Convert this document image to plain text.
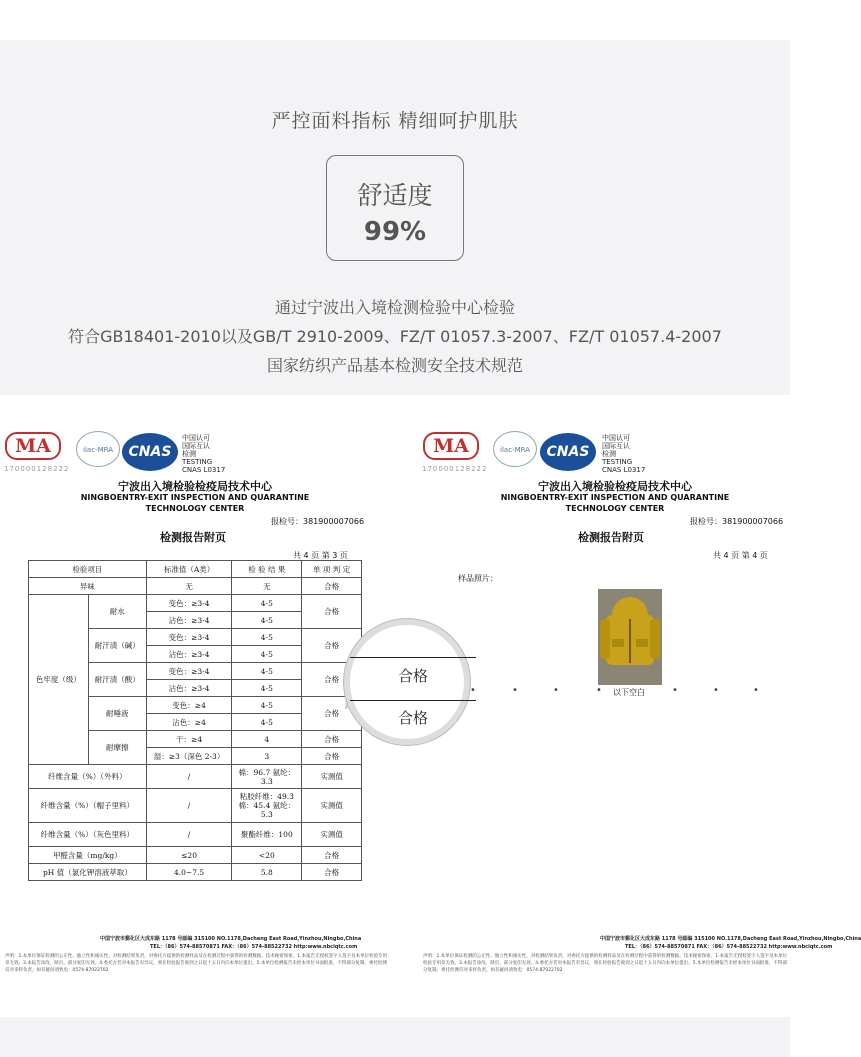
严控面料指标 精细呵护肌肤
舒适度
99%
通过宁波出入境检测检验中心检验
符合GB18401-2010以及GB/T 2910-2009、FZ/T 01057.3-2007、FZ/T 01057.4-2007
国家纺织产品基本检测安全技术规范
MA
170000128222
ilac-MRA	CNAS
中国认可
国际互认
检测
TESTING
CNAS L0317
宁波出入境检验检疫局技术中心
NINGBOENTRY-EXIT INSPECTION AND QUARANTINE
TECHNOLOGY CENTER
报检号：381900007066
检测报告附页
共 4 页 第 3 页
检验项目		标准值（A类）	检 验 结 果	单 项 判 定
异味		无	无	合格
色牢度（级）	耐水	变色：≥3-4	4-5	合格
		沾色：≥3-4	4-5	
	耐汗渍（碱）	变色：≥3-4	4-5	合格
		沾色：≥3-4	4-5	
	耐汗渍（酸）	变色：≥3-4	4-5	合格
		沾色：≥3-4	4-5	
	耐唾液	变色：≥4	4-5	合格
		沾色：≥4	4-5	
	耐摩擦	干：≥4	4	合格
		湿：≥3（深色 2-3）	3	合格
纤维含量（%）（外料）		/	棉：96.7 氨纶：3.3	实测值
纤维含量（%）（帽子里料）		/	粘胶纤维：49.3 棉：45.4 氨纶：5.3	实测值
纤维含量（%）（灰色里料）		/	聚酯纤维：100	实测值
甲醛含量（mg/kg）		≤20	<20	合格
pH 值（氯化钾溶液萃取）		4.0~7.5	5.8	合格
中国宁波市鄞化区大成东路 1178 号邮编 315100 NO.1178,Dacheng East Road,Yinzhou,Ningbo,China
TEL：（86）574-88570871 FAX：（86）574-88522732 http:www.nbciqtc.com
声明：1.本单位保证检测的公正性、独立性和诚实性，对检测结果负责，对委托方提供的检测样品及在检测过程中获得的检测数据、技术秘密保密。1.本报告无授权签字人签字及本单位检验专用章无效。3.本报告涂改、缺页、部分复印无效。4.委托方若对本报告有异议，须在检验报告收到之日起十五日内向本单位提出。5.本单位检测报告未经本单位书面批准，不得部分复制。委托检测仅对来样负责。如有疑问请致电：0574-87022702
MA
170000128222
ilac-MRA	CNAS
中国认可
国际互认
检测
TESTING
CNAS L0317
宁波出入境检验检疫局技术中心
NINGBOENTRY-EXIT INSPECTION AND QUARANTINE
TECHNOLOGY CENTER
报检号：381900007066
检测报告附页
共 4 页 第 4 页
样品照片：
•	•	•	• 以下空白	•	•	•
中国宁波市鄞化区大成东路 1178 号邮编 315100 NO.1178,Dacheng East Road,Yinzhou,Ningbo,China
TEL：（86）574-88570871 FAX：（86）574-88522732 http:www.nbciqtc.com
声明：1.本单位保证检测的公正性、独立性和诚实性，对检测结果负责，对委托方提供的检测样品及在检测过程中获得的检测数据、技术秘密保密。1.本报告无授权签字人签字及本单位检验专用章无效。3.本报告涂改、缺页、部分复印无效。4.委托方若对本报告有异议，须在检验报告收到之日起十五日内向本单位提出。5.本单位检测报告未经本单位书面批准，不得部分复制。委托检测仅对来样负责。如有疑问请致电：0574-87022702
合格
合格
